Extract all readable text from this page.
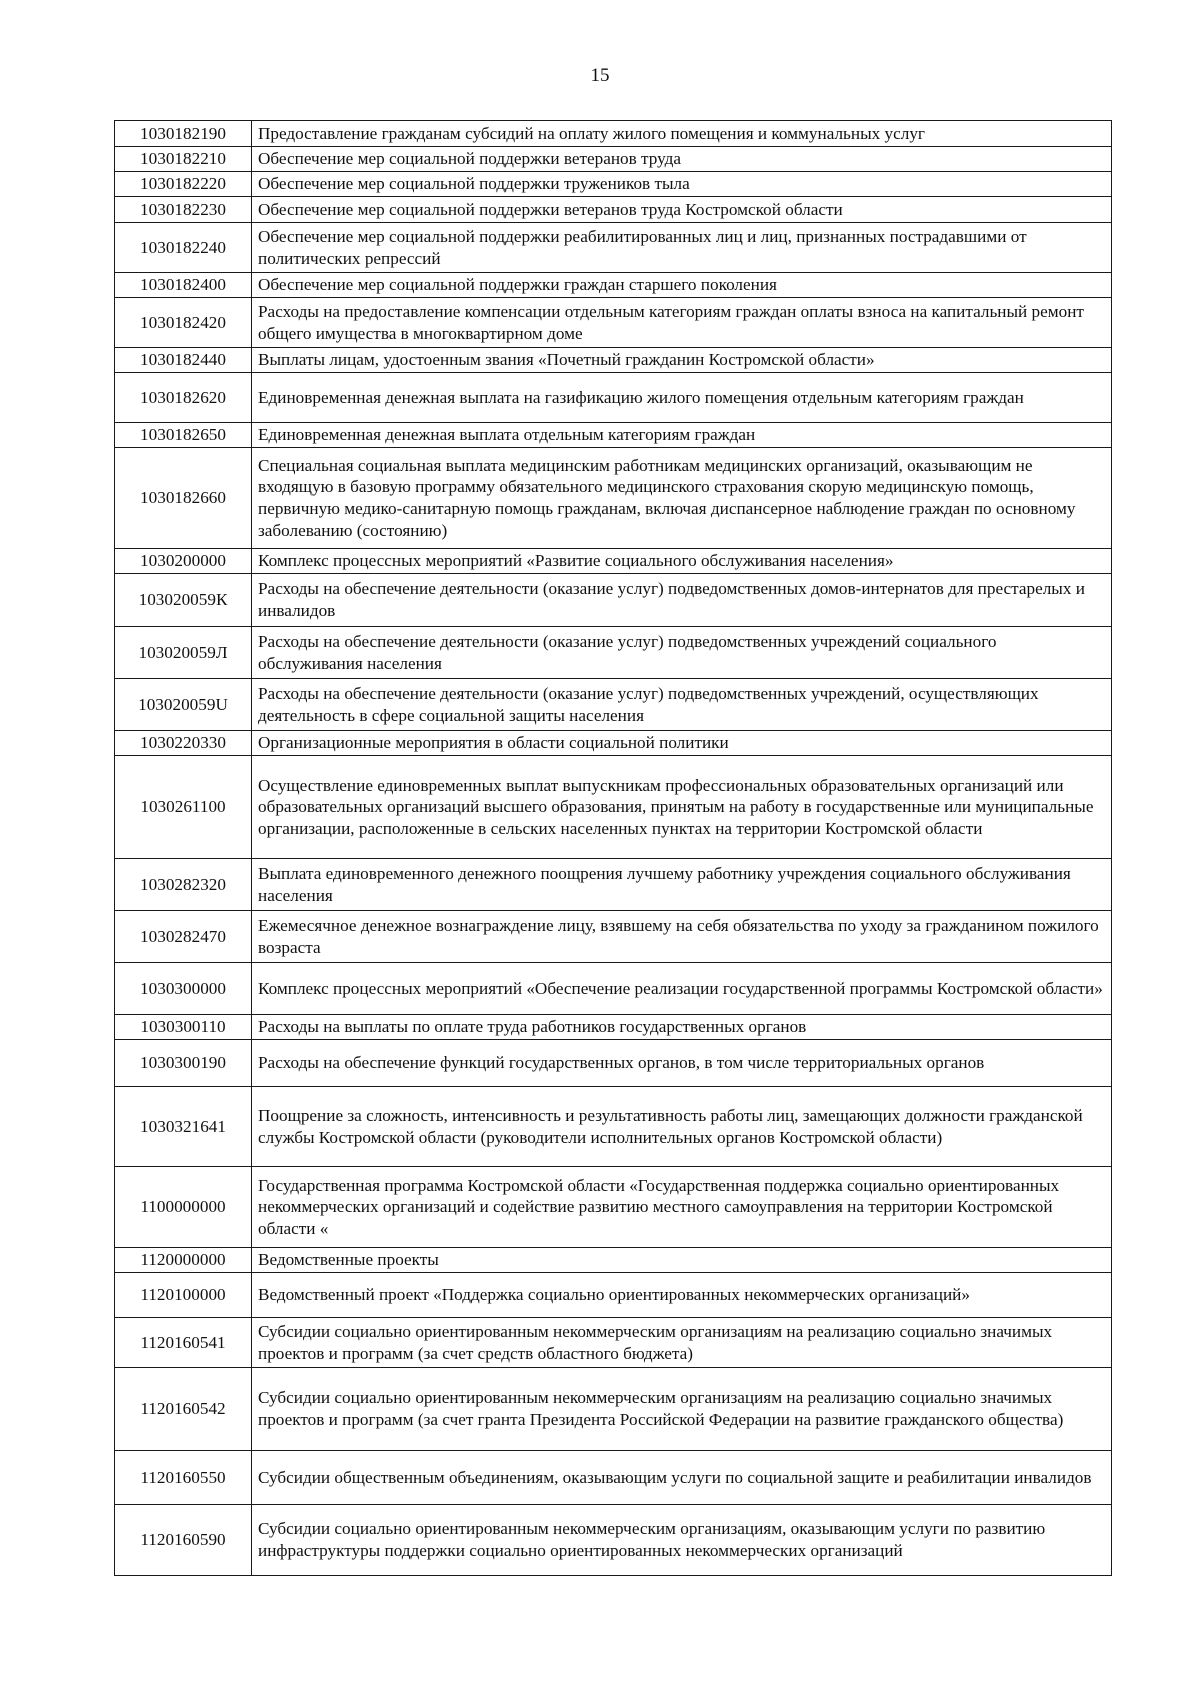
15
1030182190	Предоставление гражданам субсидий на оплату жилого помещения и коммунальных услуг
1030182210	Обеспечение мер социальной поддержки ветеранов труда
1030182220	Обеспечение мер социальной поддержки тружеников тыла
1030182230	Обеспечение мер социальной поддержки ветеранов труда Костромской области
1030182240	Обеспечение мер социальной поддержки реабилитированных лиц и лиц, признанных пострадавшими от политических репрессий
1030182400	Обеспечение мер социальной поддержки граждан старшего поколения
1030182420	Расходы на предоставление компенсации отдельным категориям граждан оплаты взноса на капитальный ремонт общего имущества в многоквартирном доме
1030182440	Выплаты лицам, удостоенным звания «Почетный гражданин Костромской области»
1030182620	Единовременная денежная выплата на газификацию жилого помещения отдельным категориям граждан
1030182650	Единовременная денежная выплата отдельным категориям граждан
1030182660	Специальная социальная выплата медицинским работникам медицинских организаций, оказывающим не входящую в базовую программу обязательного медицинского страхования скорую медицинскую помощь, первичную медико-санитарную помощь гражданам, включая диспансерное наблюдение граждан по основному заболеванию (состоянию)
1030200000	Комплекс процессных мероприятий «Развитие социального обслуживания населения»
103020059К	Расходы на обеспечение деятельности (оказание услуг) подведомственных домов-интернатов для престарелых и инвалидов
103020059Л	Расходы на обеспечение деятельности (оказание услуг) подведомственных учреждений социального обслуживания населения
103020059U	Расходы на обеспечение деятельности (оказание услуг) подведомственных учреждений, осуществляющих деятельность в сфере социальной защиты населения
1030220330	Организационные мероприятия в области социальной политики
1030261100	Осуществление единовременных выплат выпускникам профессиональных образовательных организаций или образовательных организаций высшего образования, принятым на работу в государственные или муниципальные организации, расположенные в сельских населенных пунктах на территории Костромской области
1030282320	Выплата единовременного денежного поощрения лучшему работнику учреждения социального обслуживания населения
1030282470	Ежемесячное денежное вознаграждение лицу, взявшему на себя обязательства по уходу за гражданином пожилого возраста
1030300000	Комплекс процессных мероприятий «Обеспечение реализации государственной программы Костромской области»
1030300110	Расходы на выплаты по оплате труда работников государственных органов
1030300190	Расходы на обеспечение функций государственных органов, в том числе территориальных органов
1030321641	Поощрение за сложность, интенсивность и результативность работы лиц, замещающих должности гражданской службы Костромской области (руководители исполнительных органов Костромской области)
1100000000	Государственная программа Костромской области «Государственная поддержка социально ориентированных некоммерческих организаций и содействие развитию местного самоуправления на территории Костромской области «
1120000000	Ведомственные проекты
1120100000	Ведомственный проект «Поддержка социально ориентированных некоммерческих организаций»
1120160541	Субсидии социально ориентированным некоммерческим организациям на реализацию социально значимых проектов и программ (за счет средств областного бюджета)
1120160542	Субсидии социально ориентированным некоммерческим организациям на реализацию социально значимых проектов и программ (за счет гранта Президента Российской Федерации на развитие гражданского общества)
1120160550	Субсидии общественным объединениям, оказывающим услуги по социальной защите и реабилитации инвалидов
1120160590	Субсидии социально ориентированным некоммерческим организациям, оказывающим услуги по развитию инфраструктуры поддержки социально ориентированных некоммерческих организаций
